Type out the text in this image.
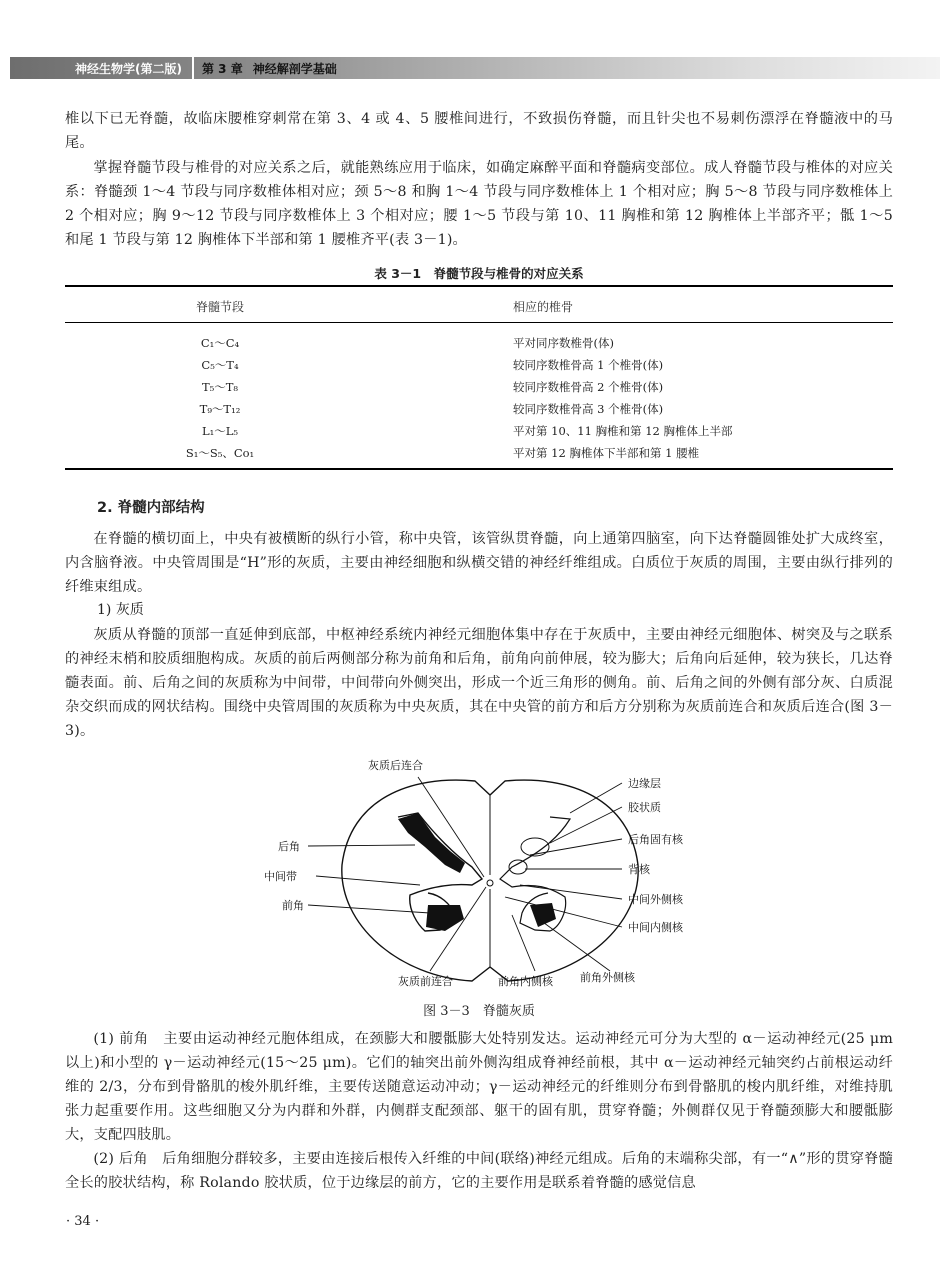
神经生物学(第二版)	第 3 章 神经解剖学基础

椎以下已无脊髓，故临床腰椎穿刺常在第 3、4 或 4、5 腰椎间进行，不致损伤脊髓，而且针尖也不易刺伤漂浮在脊髓液中的马尾。

掌握脊髓节段与椎骨的对应关系之后，就能熟练应用于临床，如确定麻醉平面和脊髓病变部位。成人脊髓节段与椎体的对应关系：脊髓颈 1～4 节段与同序数椎体相对应；颈 5～8 和胸 1～4 节段与同序数椎体上 1 个相对应；胸 5～8 节段与同序数椎体上 2 个相对应；胸 9～12 节段与同序数椎体上 3 个相对应；腰 1～5 节段与第 10、11 胸椎和第 12 胸椎体上半部齐平；骶 1～5 和尾 1 节段与第 12 胸椎体下半部和第 1 腰椎齐平(表 3－1)。

表 3－1　脊髓节段与椎骨的对应关系
脊髓节段	相应的椎骨
C₁～C₄	平对同序数椎骨(体)
C₅～T₄	较同序数椎骨高 1 个椎骨(体)
T₅～T₈	较同序数椎骨高 2 个椎骨(体)
T₉～T₁₂	较同序数椎骨高 3 个椎骨(体)
L₁～L₅	平对第 10、11 胸椎和第 12 胸椎体上半部
S₁～S₅、Co₁	平对第 12 胸椎体下半部和第 1 腰椎
2. 脊髓内部结构

在脊髓的横切面上，中央有被横断的纵行小管，称中央管，该管纵贯脊髓，向上通第四脑室，向下达脊髓圆锥处扩大成终室，内含脑脊液。中央管周围是“H”形的灰质，主要由神经细胞和纵横交错的神经纤维组成。白质位于灰质的周围，主要由纵行排列的纤维束组成。

1) 灰质

灰质从脊髓的顶部一直延伸到底部，中枢神经系统内神经元细胞体集中存在于灰质中，主要由神经元细胞体、树突及与之联系的神经末梢和胶质细胞构成。灰质的前后两侧部分称为前角和后角，前角向前伸展，较为膨大；后角向后延伸，较为狭长，几达脊髓表面。前、后角之间的灰质称为中间带，中间带向外侧突出，形成一个近三角形的侧角。前、后角之间的外侧有部分灰、白质混杂交织而成的网状结构。围绕中央管周围的灰质称为中央灰质，其在中央管的前方和后方分别称为灰质前连合和灰质后连合(图 3－3)。

灰质后连合
后角
中间带
前角
边缘层
胶状质
后角固有核
背核
中间外侧核
中间内侧核
灰质前连合	前角内侧核 前角外侧核
图 3－3　脊髓灰质

(1) 前角　主要由运动神经元胞体组成，在颈膨大和腰骶膨大处特别发达。运动神经元可分为大型的 α－运动神经元(25 μm 以上)和小型的 γ－运动神经元(15～25 μm)。它们的轴突出前外侧沟组成脊神经前根，其中 α－运动神经元轴突约占前根运动纤维的 2/3，分布到骨骼肌的梭外肌纤维，主要传送随意运动冲动；γ－运动神经元的纤维则分布到骨骼肌的梭内肌纤维，对维持肌张力起重要作用。这些细胞又分为内群和外群，内侧群支配颈部、躯干的固有肌，贯穿脊髓；外侧群仅见于脊髓颈膨大和腰骶膨大，支配四肢肌。

(2) 后角　后角细胞分群较多，主要由连接后根传入纤维的中间(联络)神经元组成。后角的末端称尖部，有一“∧”形的贯穿脊髓全长的胶状结构，称 Rolando 胶状质，位于边缘层的前方，它的主要作用是联系着脊髓的感觉信息

· 34 ·
